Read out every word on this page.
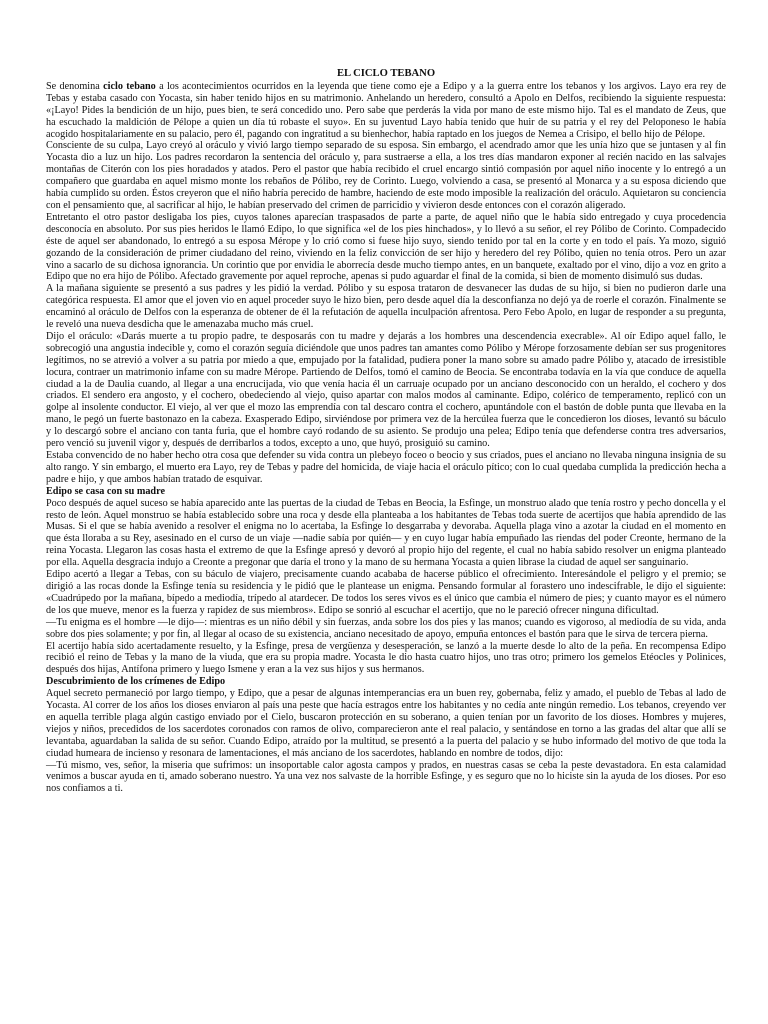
EL CICLO TEBANO

Se denomina ciclo tebano a los acontecimientos ocurridos en la leyenda que tiene como eje a Edipo y a la guerra entre los tebanos y los argivos. Layo era rey de Tebas y estaba casado con Yocasta, sin haber tenido hijos en su matrimonio. Anhelando un heredero, consultó a Apolo en Delfos, recibiendo la siguiente respuesta: «¡Layo! Pides la bendición de un hijo, pues bien, te será concedido uno. Pero sabe que perderás la vida por mano de este mismo hijo. Tal es el mandato de Zeus, que ha escuchado la maldición de Pélope a quien un día tú robaste el suyo». En su juventud Layo había tenido que huir de su patria y el rey del Peloponeso le había acogido hospitalariamente en su palacio, pero él, pagando con ingratitud a su bienhechor, había raptado en los juegos de Nemea a Crisipo, el bello hijo de Pélope.

Consciente de su culpa, Layo creyó al oráculo y vivió largo tiempo separado de su esposa. Sin embargo, el acendrado amor que les unía hizo que se juntasen y al fin Yocasta dio a luz un hijo. Los padres recordaron la sentencia del oráculo y, para sustraerse a ella, a los tres días mandaron exponer al recién nacido en las salvajes montañas de Citerón con los pies horadados y atados. Pero el pastor que había recibido el cruel encargo sintió compasión por aquel niño inocente y lo entregó a un compañero que guardaba en aquel mismo monte los rebaños de Pólibo, rey de Corinto. Luego, volviendo a casa, se presentó al Monarca y a su esposa diciendo que había cumplido su orden. Éstos creyeron que el niño habría perecido de hambre, haciendo de este modo imposible la realización del oráculo. Aquietaron su conciencia con el pensamiento que, al sacrificar al hijo, le habían preservado del crimen de parricidio y vivieron desde entonces con el corazón aligerado.

Entretanto el otro pastor desligaba los pies, cuyos talones aparecían traspasados de parte a parte, de aquel niño que le había sido entregado y cuya procedencia desconocía en absoluto. Por sus pies heridos le llamó Edipo, lo que significa «el de los pies hinchados», y lo llevó a su señor, el rey Pólibo de Corinto. Compadecido éste de aquel ser abandonado, lo entregó a su esposa Mérope y lo crió como si fuese hijo suyo, siendo tenido por tal en la corte y en todo el país. Ya mozo, siguió gozando de la consideración de primer ciudadano del reino, viviendo en la feliz convicción de ser hijo y heredero del rey Pólibo, quien no tenía otros. Pero un azar vino a sacarlo de su dichosa ignorancia. Un corintio que por envidia le aborrecía desde mucho tiempo antes, en un banquete, exaltado por el vino, dijo a voz en grito a Edipo que no era hijo de Pólibo. Afectado gravemente por aquel reproche, apenas si pudo aguardar el final de la comida, si bien de momento disimuló sus dudas.

A la mañana siguiente se presentó a sus padres y les pidió la verdad. Pólibo y su esposa trataron de desvanecer las dudas de su hijo, si bien no pudieron darle una categórica respuesta. El amor que el joven vio en aquel proceder suyo le hizo bien, pero desde aquel día la desconfianza no dejó ya de roerle el corazón. Finalmente se encaminó al oráculo de Delfos con la esperanza de obtener de él la refutación de aquella inculpación afrentosa. Pero Febo Apolo, en lugar de responder a su pregunta, le reveló una nueva desdicha que le amenazaba mucho más cruel.

Dijo el oráculo: «Darás muerte a tu propio padre, te desposarás con tu madre y dejarás a los hombres una descendencia execrable». Al oír Edipo aquel fallo, le sobrecogió una angustia indecible y, como el corazón seguía diciéndole que unos padres tan amantes como Pólibo y Mérope forzosamente debían ser sus progenitores legítimos, no se atrevió a volver a su patria por miedo a que, empujado por la fatalidad, pudiera poner la mano sobre su amado padre Pólibo y, atacado de irresistible locura, contraer un matrimonio infame con su madre Mérope. Partiendo de Delfos, tomó el camino de Beocia. Se encontraba todavía en la vía que conduce de aquella ciudad a la de Daulia cuando, al llegar a una encrucijada, vio que venía hacia él un carruaje ocupado por un anciano desconocido con un heraldo, el cochero y dos criados. El sendero era angosto, y el cochero, obedeciendo al viejo, quiso apartar con malos modos al caminante. Edipo, colérico de temperamento, replicó con un golpe al insolente conductor. El viejo, al ver que el mozo las emprendía con tal descaro contra el cochero, apuntándole con el bastón de doble punta que llevaba en la mano, le pegó un fuerte bastonazo en la cabeza. Exasperado Edipo, sirviéndose por primera vez de la hercúlea fuerza que le concedieron los dioses, levantó su báculo y lo descargó sobre el anciano con tanta furia, que el hombre cayó rodando de su asiento. Se produjo una pelea; Edipo tenía que defenderse contra tres adversarios, pero venció su juvenil vigor y, después de derribarlos a todos, excepto a uno, que huyó, prosiguió su camino.

Estaba convencido de no haber hecho otra cosa que defender su vida contra un plebeyo foceo o beocio y sus criados, pues el anciano no llevaba ninguna insignia de su alto rango. Y sin embargo, el muerto era Layo, rey de Tebas y padre del homicida, de viaje hacia el oráculo pítico; con lo cual quedaba cumplida la predicción hecha a padre e hijo, y que ambos habían tratado de esquivar.

Edipo se casa con su madre

Poco después de aquel suceso se había aparecido ante las puertas de la ciudad de Tebas en Beocia, la Esfinge, un monstruo alado que tenía rostro y pecho doncella y el resto de león. Aquel monstruo se había establecido sobre una roca y desde ella planteaba a los habitantes de Tebas toda suerte de acertijos que había aprendido de las Musas. Si el que se había avenido a resolver el enigma no lo acertaba, la Esfinge lo desgarraba y devoraba. Aquella plaga vino a azotar la ciudad en el momento en que ésta lloraba a su Rey, asesinado en el curso de un viaje —nadie sabía por quién— y en cuyo lugar había empuñado las riendas del poder Creonte, hermano de la reina Yocasta. Llegaron las cosas hasta el extremo de que la Esfinge apresó y devoró al propio hijo del regente, el cual no había sabido resolver un enigma planteado por ella. Aquella desgracia indujo a Creonte a pregonar que daría el trono y la mano de su hermana Yocasta a quien librase la ciudad de aquel ser sanguinario.

Edipo acertó a llegar a Tebas, con su báculo de viajero, precisamente cuando acababa de hacerse público el ofrecimiento. Interesándole el peligro y el premio; se dirigió a las rocas donde la Esfinge tenía su residencia y le pidió que le plantease un enigma. Pensando formular al forastero uno indescifrable, le dijo el siguiente: «Cuadrúpedo por la mañana, bípedo a mediodía, trípedo al atardecer. De todos los seres vivos es el único que cambia el número de pies; y cuanto mayor es el número de los que mueve, menor es la fuerza y rapidez de sus miembros». Edipo se sonrió al escuchar el acertijo, que no le pareció ofrecer ninguna dificultad.

—Tu enigma es el hombre —le dijo—: mientras es un niño débil y sin fuerzas, anda sobre los dos pies y las manos; cuando es vigoroso, al mediodía de su vida, anda sobre dos pies solamente; y por fin, al llegar al ocaso de su existencia, anciano necesitado de apoyo, empuña entonces el bastón para que le sirva de tercera pierna.

El acertijo había sido acertadamente resuelto, y la Esfinge, presa de vergüenza y desesperación, se lanzó a la muerte desde lo alto de la peña. En recompensa Edipo recibió el reino de Tebas y la mano de la viuda, que era su propia madre. Yocasta le dio hasta cuatro hijos, uno tras otro; primero los gemelos Etéocles y Polinices, después dos hijas, Antífona primero y luego Ismene y eran a la vez sus hijos y sus hermanos.

Descubrimiento de los crímenes de Edipo

Aquel secreto permaneció por largo tiempo, y Edipo, que a pesar de algunas intemperancias era un buen rey, gobernaba, feliz y amado, el pueblo de Tebas al lado de Yocasta. Al correr de los años los dioses enviaron al país una peste que hacía estragos entre los habitantes y no cedía ante ningún remedio. Los tebanos, creyendo ver en aquella terrible plaga algún castigo enviado por el Cielo, buscaron protección en su soberano, a quien tenían por un favorito de los dioses. Hombres y mujeres, viejos y niños, precedidos de los sacerdotes coronados con ramos de olivo, comparecieron ante el real palacio, y sentándose en torno a las gradas del altar que allí se levantaba, aguardaban la salida de su señor. Cuando Edipo, atraído por la multitud, se presentó a la puerta del palacio y se hubo informado del motivo de que toda la ciudad humeara de incienso y resonara de lamentaciones, el más anciano de los sacerdotes, hablando en nombre de todos, dijo:

—Tú mismo, ves, señor, la miseria que sufrimos: un insoportable calor agosta campos y prados, en nuestras casas se ceba la peste devastadora. En esta calamidad venimos a buscar ayuda en ti, amado soberano nuestro. Ya una vez nos salvaste de la horrible Esfinge, y es seguro que no lo hiciste sin la ayuda de los dioses. Por eso nos confiamos a ti.
